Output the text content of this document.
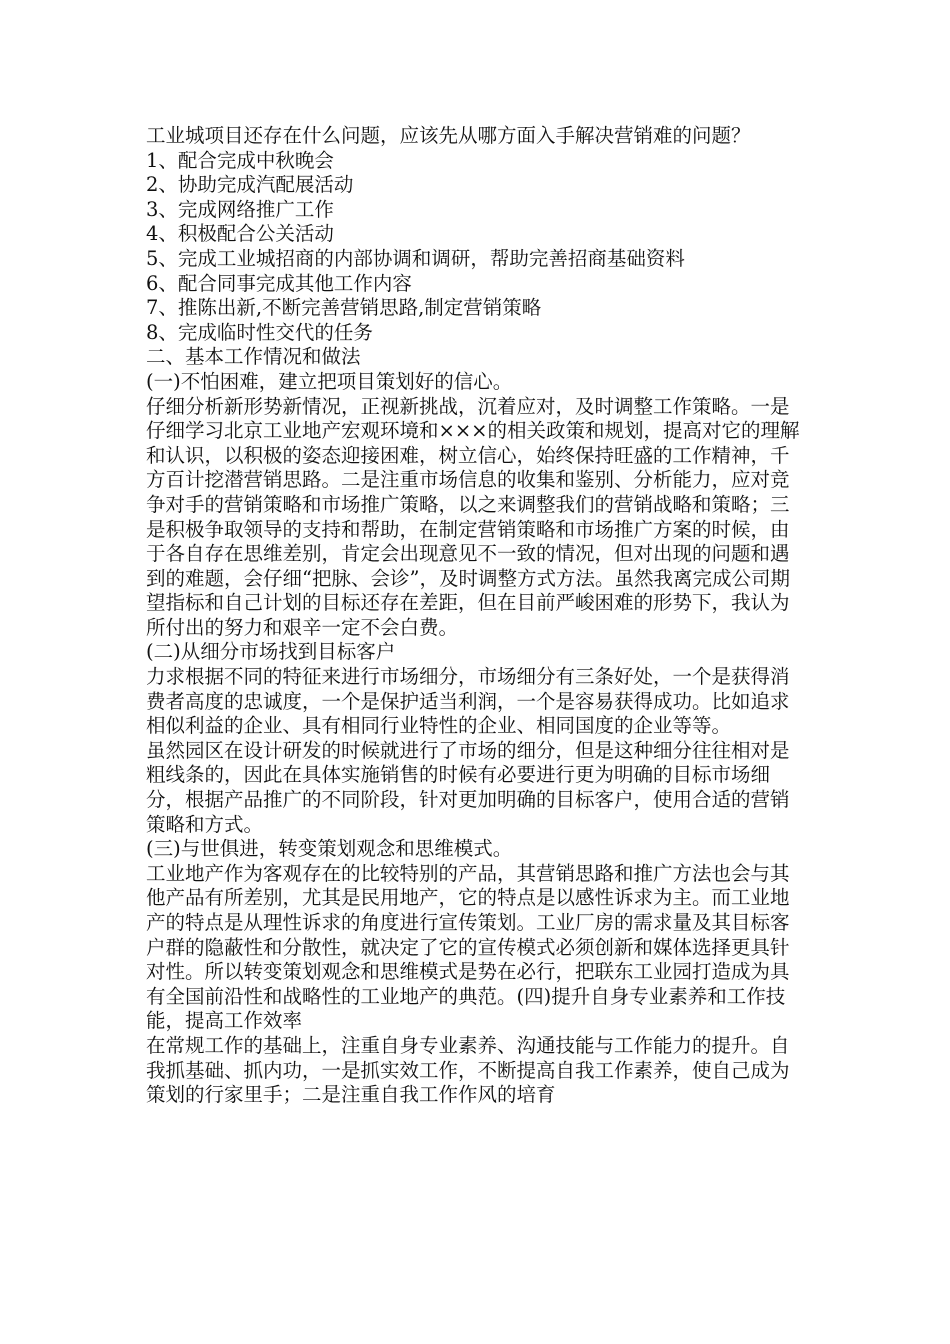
工业城项目还存在什么问题，应该先从哪方面入手解决营销难的问题？

1、配合完成中秋晚会

2、协助完成汽配展活动

3、完成网络推广工作

4、积极配合公关活动

5、完成工业城招商的内部协调和调研，帮助完善招商基础资料

6、配合同事完成其他工作内容

7、推陈出新,不断完善营销思路,制定营销策略

8、完成临时性交代的任务

二、基本工作情况和做法

(一)不怕困难，建立把项目策划好的信心。

仔细分析新形势新情况，正视新挑战，沉着应对，及时调整工作策略。一是仔细学习北京工业地产宏观环境和×××的相关政策和规划，提高对它的理解和认识，以积极的姿态迎接困难，树立信心，始终保持旺盛的工作精神，千方百计挖潜营销思路。二是注重市场信息的收集和鉴别、分析能力，应对竞争对手的营销策略和市场推广策略，以之来调整我们的营销战略和策略；三是积极争取领导的支持和帮助，在制定营销策略和市场推广方案的时候，由于各自存在思维差别，肯定会出现意见不一致的情况，但对出现的问题和遇到的难题，会仔细“把脉、会诊”，及时调整方式方法。虽然我离完成公司期望指标和自己计划的目标还存在差距，但在目前严峻困难的形势下，我认为所付出的努力和艰辛一定不会白费。

(二)从细分市场找到目标客户

力求根据不同的特征来进行市场细分，市场细分有三条好处，一个是获得消费者高度的忠诚度，一个是保护适当利润，一个是容易获得成功。比如追求相似利益的企业、具有相同行业特性的企业、相同国度的企业等等。

虽然园区在设计研发的时候就进行了市场的细分，但是这种细分往往相对是粗线条的，因此在具体实施销售的时候有必要进行更为明确的目标市场细分，根据产品推广的不同阶段，针对更加明确的目标客户，使用合适的营销策略和方式。

(三)与世俱进，转变策划观念和思维模式。

工业地产作为客观存在的比较特别的产品，其营销思路和推广方法也会与其他产品有所差别，尤其是民用地产，它的特点是以感性诉求为主。而工业地产的特点是从理性诉求的角度进行宣传策划。工业厂房的需求量及其目标客户群的隐蔽性和分散性，就决定了它的宣传模式必须创新和媒体选择更具针对性。所以转变策划观念和思维模式是势在必行，把联东工业园打造成为具有全国前沿性和战略性的工业地产的典范。(四)提升自身专业素养和工作技能，提高工作效率

在常规工作的基础上，注重自身专业素养、沟通技能与工作能力的提升。自我抓基础、抓内功，一是抓实效工作，不断提高自我工作素养，使自己成为策划的行家里手；二是注重自我工作作风的培育
